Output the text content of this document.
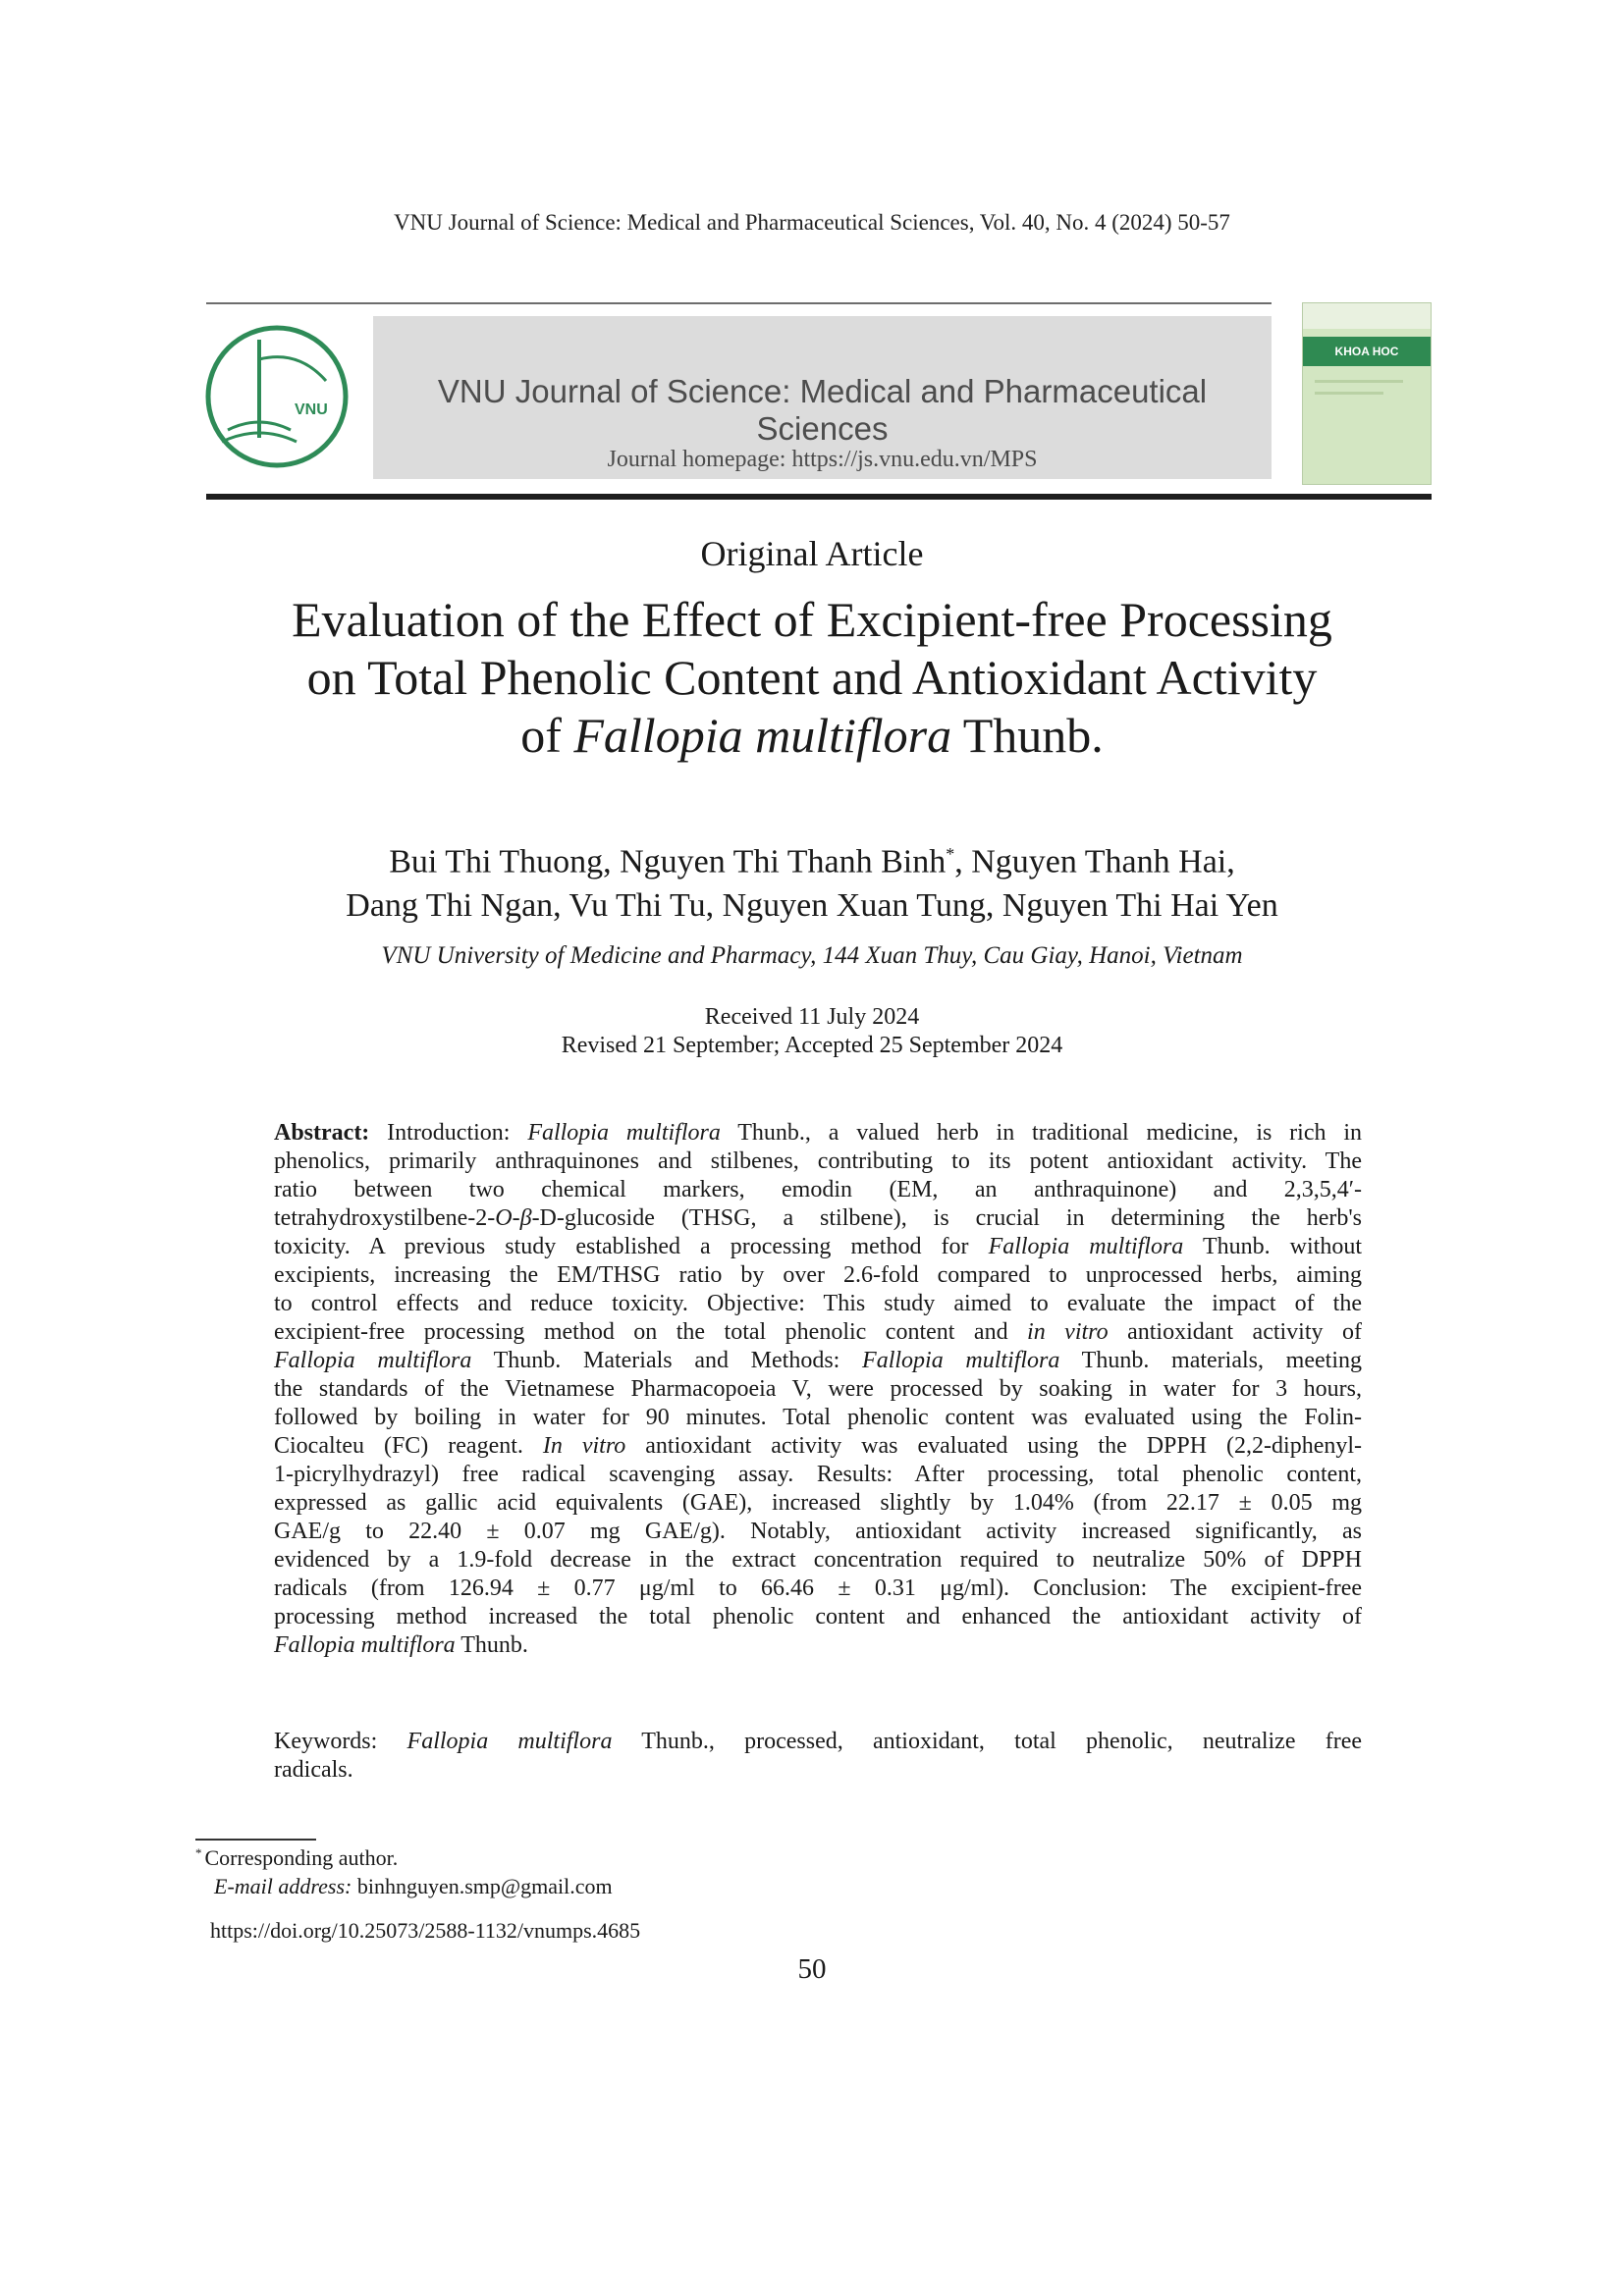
VNU Journal of Science: Medical and Pharmaceutical Sciences, Vol. 40, No. 4 (2024) 50-57
VNU
VNU Journal of Science: Medical and Pharmaceutical Sciences
Journal homepage: https://js.vnu.edu.vn/MPS
KHOA HOC
Original Article
Evaluation of the Effect of Excipient-free Processing
on Total Phenolic Content and Antioxidant Activity
of Fallopia multiflora Thunb.
Bui Thi Thuong, Nguyen Thi Thanh Binh*, Nguyen Thanh Hai,
Dang Thi Ngan, Vu Thi Tu, Nguyen Xuan Tung, Nguyen Thi Hai Yen
VNU University of Medicine and Pharmacy, 144 Xuan Thuy, Cau Giay, Hanoi, Vietnam
Received 11 July 2024
Revised 21 September; Accepted 25 September 2024
Abstract: Introduction: Fallopia multiflora Thunb., a valued herb in traditional medicine, is rich in
phenolics, primarily anthraquinones and stilbenes, contributing to its potent antioxidant activity. The
ratio between two chemical markers, emodin (EM, an anthraquinone) and 2,3,5,4′-
tetrahydroxystilbene-2-O-β-D-glucoside (THSG, a stilbene), is crucial in determining the herb's
toxicity. A previous study established a processing method for Fallopia multiflora Thunb. without
excipients, increasing the EM/THSG ratio by over 2.6-fold compared to unprocessed herbs, aiming
to control effects and reduce toxicity. Objective: This study aimed to evaluate the impact of the
excipient-free processing method on the total phenolic content and in vitro antioxidant activity of
Fallopia multiflora Thunb. Materials and Methods: Fallopia multiflora Thunb. materials, meeting
the standards of the Vietnamese Pharmacopoeia V, were processed by soaking in water for 3 hours,
followed by boiling in water for 90 minutes. Total phenolic content was evaluated using the Folin-
Ciocalteu (FC) reagent. In vitro antioxidant activity was evaluated using the DPPH (2,2-diphenyl-
1-picrylhydrazyl) free radical scavenging assay. Results: After processing, total phenolic content,
expressed as gallic acid equivalents (GAE), increased slightly by 1.04% (from 22.17 ± 0.05 mg
GAE/g to 22.40 ± 0.07 mg GAE/g). Notably, antioxidant activity increased significantly, as
evidenced by a 1.9-fold decrease in the extract concentration required to neutralize 50% of DPPH
radicals (from 126.94 ± 0.77 μg/ml to 66.46 ± 0.31 μg/ml). Conclusion: The excipient-free
processing method increased the total phenolic content and enhanced the antioxidant activity of
Fallopia multiflora Thunb.
Keywords: Fallopia multiflora Thunb., processed, antioxidant, total phenolic, neutralize free
radicals.
* Corresponding author.
E-mail address: binhnguyen.smp@gmail.com
https://doi.org/10.25073/2588-1132/vnumps.4685
50
